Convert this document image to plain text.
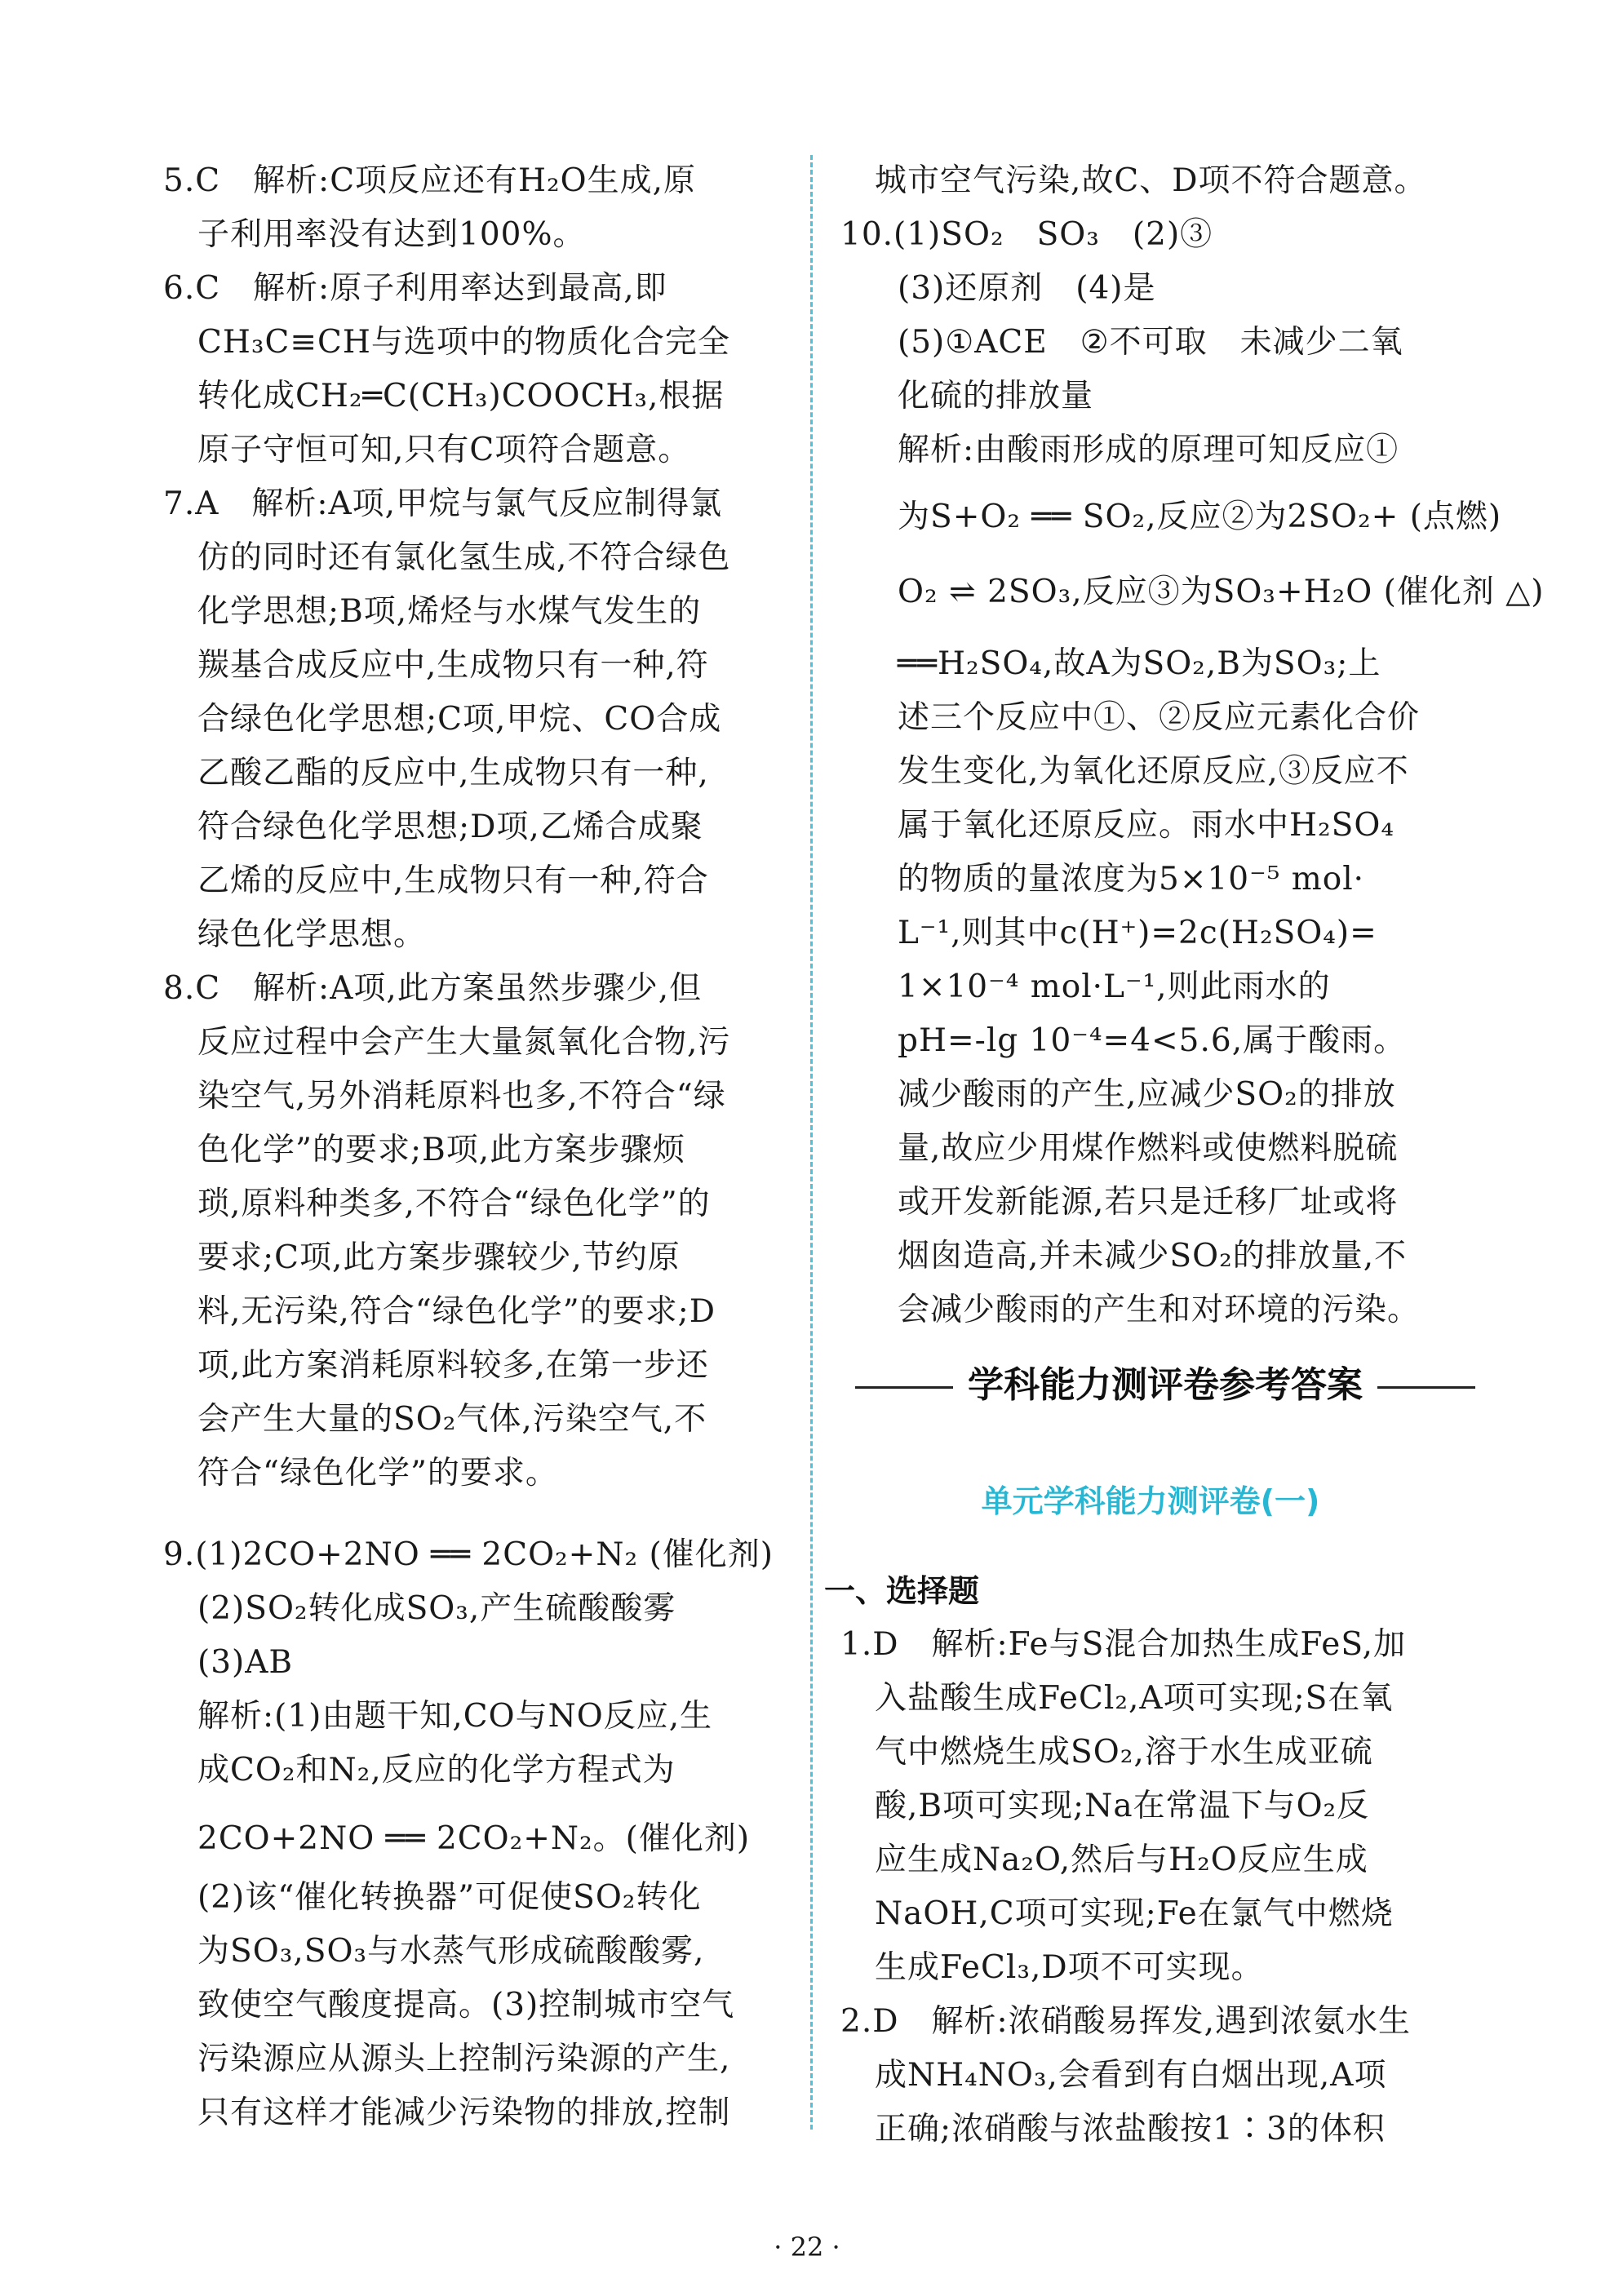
5.C　解析:C项反应还有H₂O生成,原
子利用率没有达到100%。
6.C　解析:原子利用率达到最高,即
CH₃C≡CH与选项中的物质化合完全
转化成CH₂═C(CH₃)COOCH₃,根据
原子守恒可知,只有C项符合题意。
7.A　解析:A项,甲烷与氯气反应制得氯
仿的同时还有氯化氢生成,不符合绿色
化学思想;B项,烯烃与水煤气发生的
羰基合成反应中,生成物只有一种,符
合绿色化学思想;C项,甲烷、CO合成
乙酸乙酯的反应中,生成物只有一种,
符合绿色化学思想;D项,乙烯合成聚
乙烯的反应中,生成物只有一种,符合
绿色化学思想。
8.C　解析:A项,此方案虽然步骤少,但
反应过程中会产生大量氮氧化合物,污
染空气,另外消耗原料也多,不符合“绿
色化学”的要求;B项,此方案步骤烦
琐,原料种类多,不符合“绿色化学”的
要求;C项,此方案步骤较少,节约原
料,无污染,符合“绿色化学”的要求;D
项,此方案消耗原料较多,在第一步还
会产生大量的SO₂气体,污染空气,不
符合“绿色化学”的要求。
9.(1)2CO+2NO ══ 2CO₂+N₂ (催化剂)
(2)SO₂转化成SO₃,产生硫酸酸雾
(3)AB
解析:(1)由题干知,CO与NO反应,生
成CO₂和N₂,反应的化学方程式为
2CO+2NO ══ 2CO₂+N₂。(催化剂)
(2)该“催化转换器”可促使SO₂转化
为SO₃,SO₃与水蒸气形成硫酸酸雾,
致使空气酸度提高。(3)控制城市空气
污染源应从源头上控制污染源的产生,
只有这样才能减少污染物的排放,控制
城市空气污染,故C、D项不符合题意。
10.(1)SO₂　SO₃　(2)③
(3)还原剂　(4)是
(5)①ACE　②不可取　未减少二氧
化硫的排放量
解析:由酸雨形成的原理可知反应①
为S+O₂ ══ SO₂,反应②为2SO₂+ (点燃)
O₂ ⇌ 2SO₃,反应③为SO₃+H₂O (催化剂 △)
══H₂SO₄,故A为SO₂,B为SO₃;上
述三个反应中①、②反应元素化合价
发生变化,为氧化还原反应,③反应不
属于氧化还原反应。雨水中H₂SO₄
的物质的量浓度为5×10⁻⁵ mol·
L⁻¹,则其中c(H⁺)=2c(H₂SO₄)=
1×10⁻⁴ mol·L⁻¹,则此雨水的
pH=-lg 10⁻⁴=4<5.6,属于酸雨。
减少酸雨的产生,应减少SO₂的排放
量,故应少用煤作燃料或使燃料脱硫
或开发新能源,若只是迁移厂址或将
烟囱造高,并未减少SO₂的排放量,不
会减少酸雨的产生和对环境的污染。
学科能力测评卷参考答案
单元学科能力测评卷(一)
一、选择题
1.D　解析:Fe与S混合加热生成FeS,加
入盐酸生成FeCl₂,A项可实现;S在氧
气中燃烧生成SO₂,溶于水生成亚硫
酸,B项可实现;Na在常温下与O₂反
应生成Na₂O,然后与H₂O反应生成
NaOH,C项可实现;Fe在氯气中燃烧
生成FeCl₃,D项不可实现。
2.D　解析:浓硝酸易挥发,遇到浓氨水生
成NH₄NO₃,会看到有白烟出现,A项
正确;浓硝酸与浓盐酸按1∶3的体积
· 22 ·
